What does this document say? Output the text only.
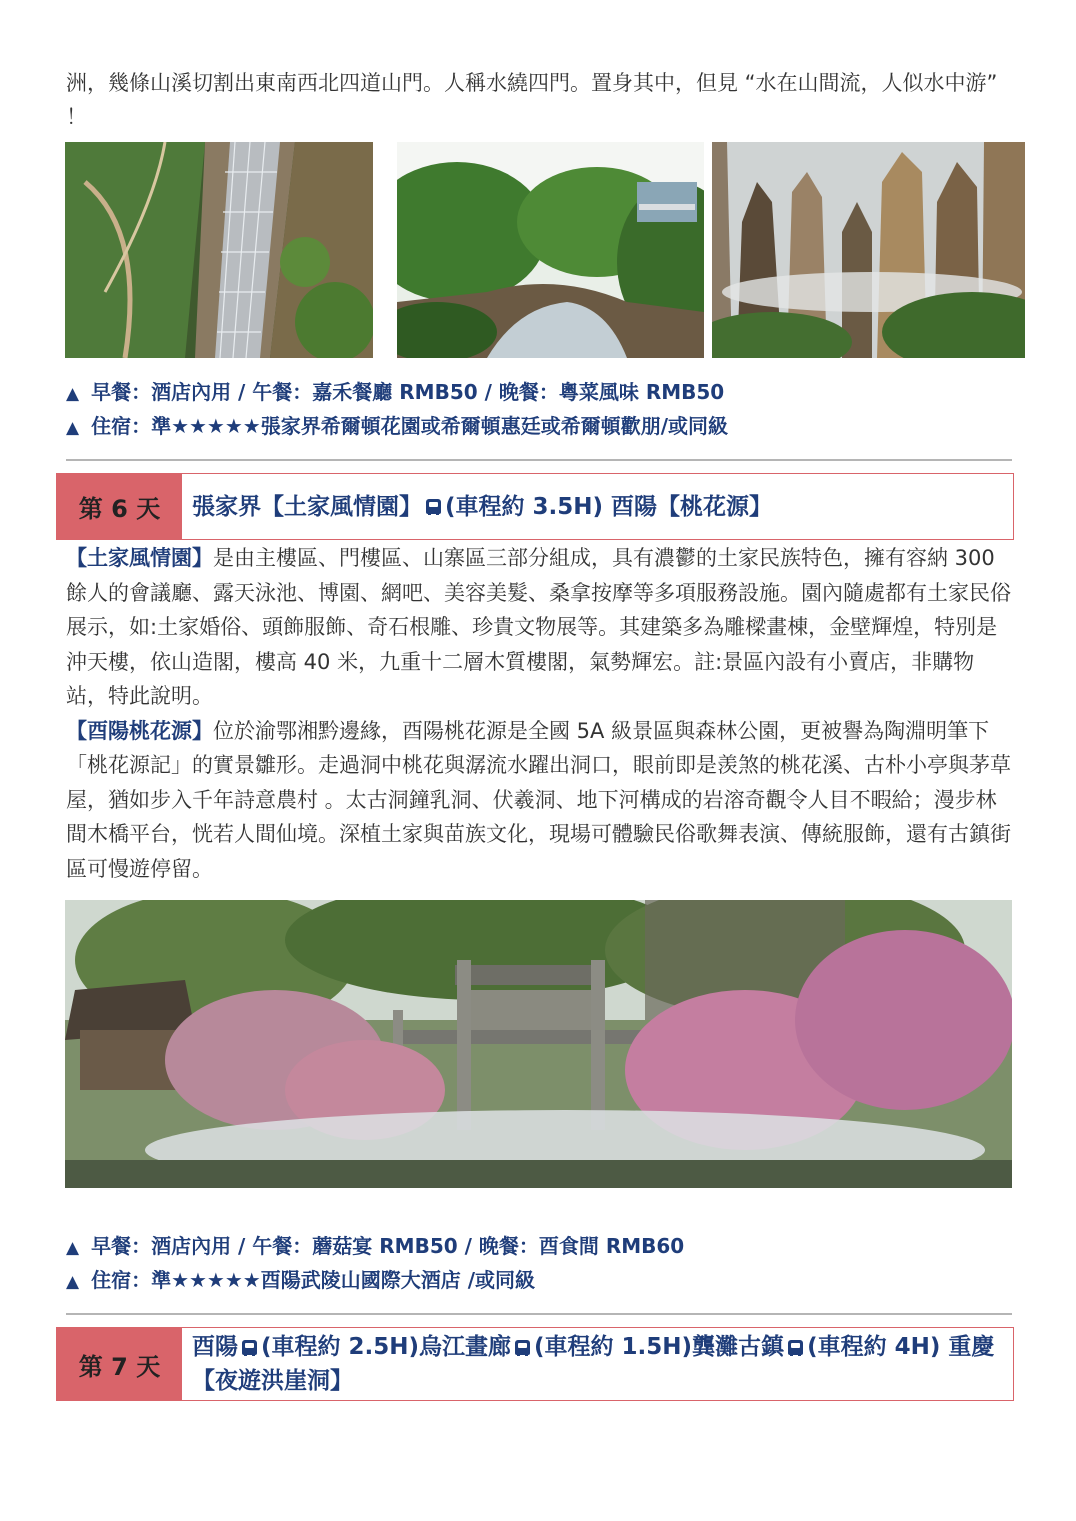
洲，幾條山溪切割出東南西北四道山門。人稱水繞四門。置身其中，但見 “水在山間流，人似水中游” ！
▲ 早餐：酒店內用 / 午餐：嘉禾餐廳 RMB50 / 晚餐：粵菜風味 RMB50
▲ 住宿：準★★★★★張家界希爾頓花園或希爾頓惠廷或希爾頓歡朋/或同級
第 6 天	張家界【土家風情園】 (車程約 3.5H) 酉陽【桃花源】
【土家風情園】是由主樓區、門樓區、山寨區三部分組成，具有濃鬱的土家民族特色，擁有容納 300 餘人的會議廳、露天泳池、博園、網吧、美容美髮、桑拿按摩等多項服務設施。園內隨處都有土家民俗展示，如:土家婚俗、頭飾服飾、奇石根雕、珍貴文物展等。其建築多為雕樑畫棟，金壁輝煌，特別是沖天樓，依山造閣，樓高 40 米，九重十二層木質樓閣，氣勢輝宏。註:景區內設有小賣店，非購物站，特此說明。
【酉陽桃花源】位於渝鄂湘黔邊緣，酉陽桃花源是全國 5A 級景區與森林公園，更被譽為陶淵明筆下「桃花源記」的實景雛形。走過洞中桃花與潺流水躍出洞口，眼前即是羡煞的桃花溪、古朴小亭與茅草屋，猶如步入千年詩意農村 。太古洞鐘乳洞、伏羲洞、地下河構成的岩溶奇觀令人目不暇給；漫步林間木橋平台，恍若人間仙境。深植土家與苗族文化，現場可體驗民俗歌舞表演、傳統服飾，還有古鎮街區可慢遊停留。
▲ 早餐：酒店內用 / 午餐：蘑菇宴 RMB50 / 晚餐：酉食間 RMB60
▲ 住宿：準★★★★★酉陽武陵山國際大酒店 /或同級
第 7 天
酉陽 (車程約 2.5H)烏江畫廊 (車程約 1.5H)龔灘古鎮 (車程約 4H) 重慶【夜遊洪崖洞】
